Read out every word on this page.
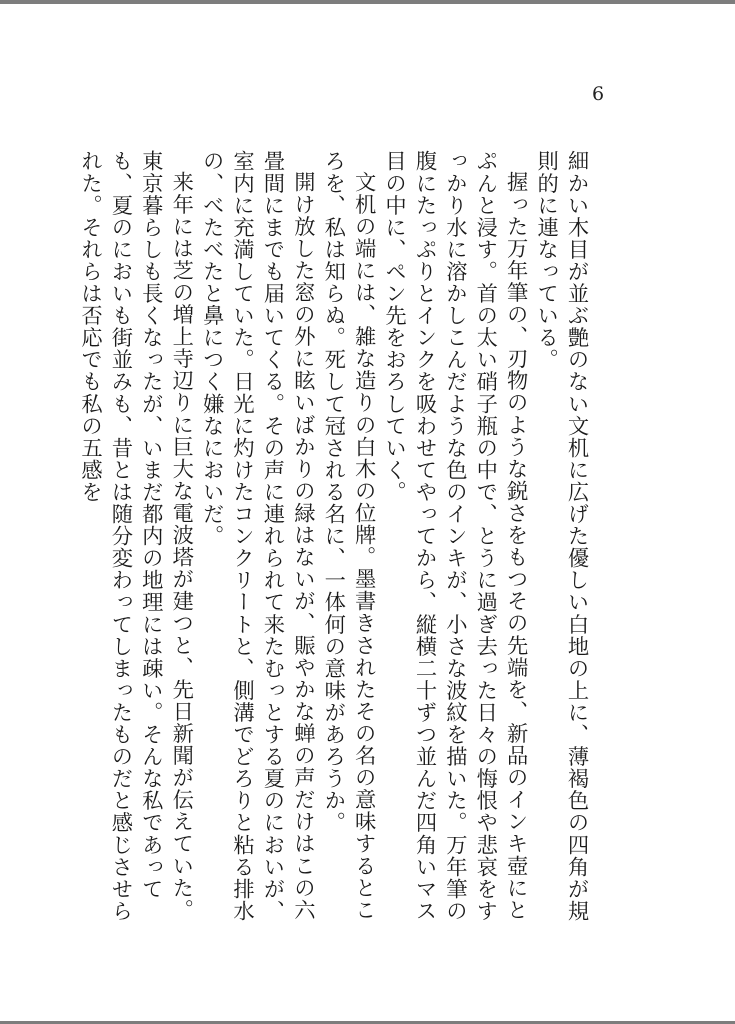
6

細かい木目が並ぶ艶のない文机に広げた優しい白地の上に、薄褐色の四角が規則的に連なっている。

握った万年筆の、刃物のような鋭さをもつその先端を、新品のインキ壺にとぷんと浸す。首の太い硝子瓶の中で、とうに過ぎ去った日々の悔恨や悲哀をすっかり水に溶かしこんだような色のインキが、小さな波紋を描いた。万年筆の腹にたっぷりとインクを吸わせてやってから、縦横二十ずつ並んだ四角いマス目の中に、ペン先をおろしていく。

文机の端には、雑な造りの白木の位牌。墨書きされたその名の意味するところを、私は知らぬ。死して冠される名に、一体何の意味があろうか。

開け放した窓の外に眩いばかりの緑はないが、賑やかな蝉の声だけはこの六畳間にまでも届いてくる。その声に連れられて来たむっとする夏のにおいが、室内に充満していた。日光に灼けたコンクリートと、側溝でどろりと粘る排水の、べたべたと鼻につく嫌なにおいだ。

来年には芝の増上寺辺りに巨大な電波塔が建つと、先日新聞が伝えていた。東京暮らしも長くなったが、いまだ都内の地理には疎い。そんな私であっても、夏のにおいも街並みも、昔とは随分変わってしまったものだと感じさせられた。それらは否応でも私の五感を
